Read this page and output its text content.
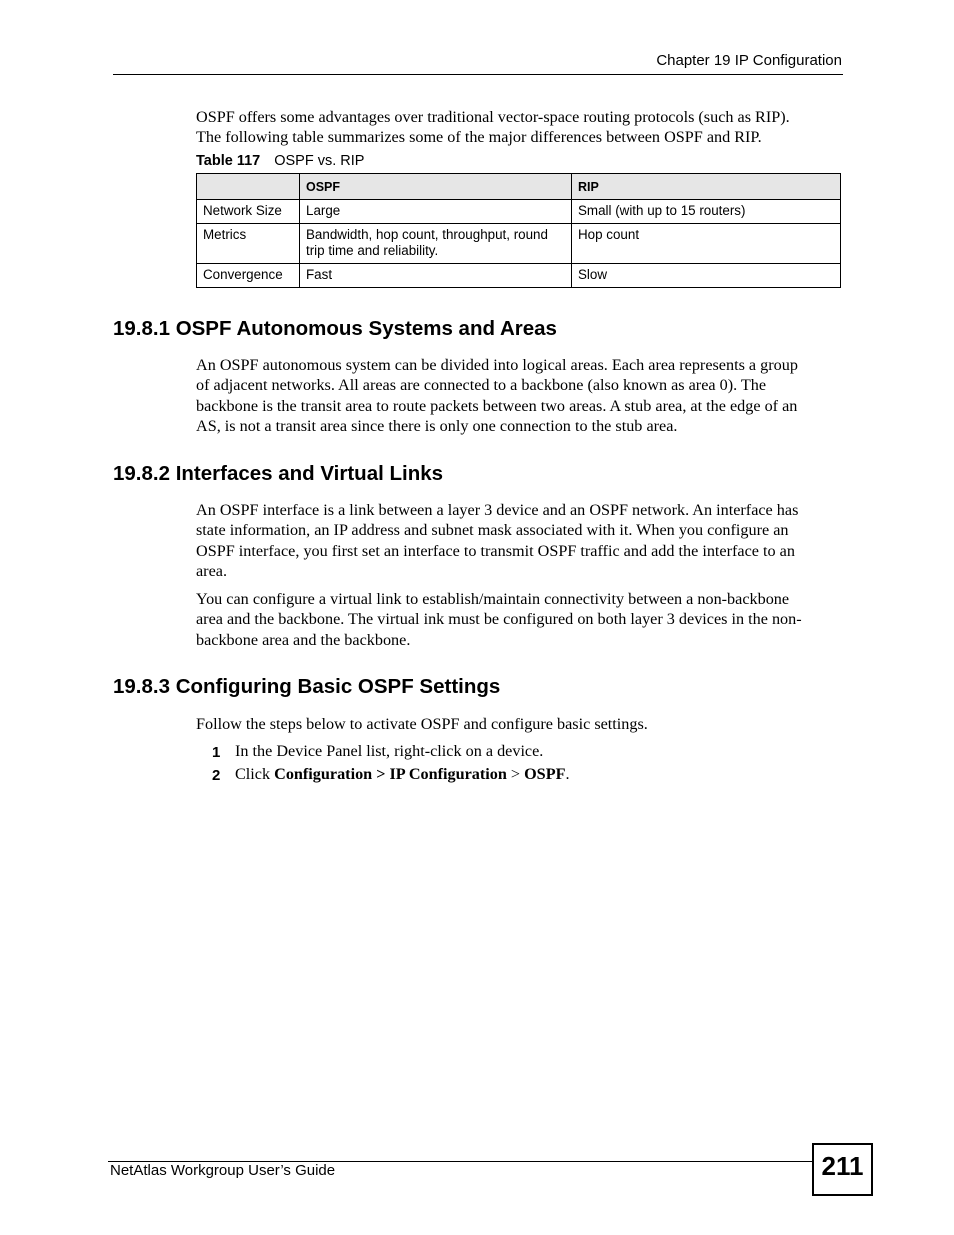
Chapter 19 IP Configuration
OSPF offers some advantages over traditional vector-space routing protocols (such as RIP).
The following table summarizes some of the major differences between OSPF and RIP.
Table 117 OSPF vs. RIP
	OSPF	RIP
Network Size	Large	Small (with up to 15 routers)
Metrics	Bandwidth, hop count, throughput, round trip time and reliability.	Hop count
Convergence	Fast	Slow
19.8.1 OSPF Autonomous Systems and Areas
An OSPF autonomous system can be divided into logical areas. Each area represents a group
of adjacent networks. All areas are connected to a backbone (also known as area 0). The
backbone is the transit area to route packets between two areas. A stub area, at the edge of an
AS, is not a transit area since there is only one connection to the stub area.
19.8.2 Interfaces and Virtual Links
An OSPF interface is a link between a layer 3 device and an OSPF network. An interface has
state information, an IP address and subnet mask associated with it. When you configure an
OSPF interface, you first set an interface to transmit OSPF traffic and add the interface to an
area.
You can configure a virtual link to establish/maintain connectivity between a non-backbone
area and the backbone. The virtual ink must be configured on both layer 3 devices in the non-
backbone area and the backbone.
19.8.3 Configuring Basic OSPF Settings
Follow the steps below to activate OSPF and configure basic settings.
1 In the Device Panel list, right-click on a device.
2 Click Configuration > IP Configuration > OSPF.
NetAtlas Workgroup User’s Guide	211
